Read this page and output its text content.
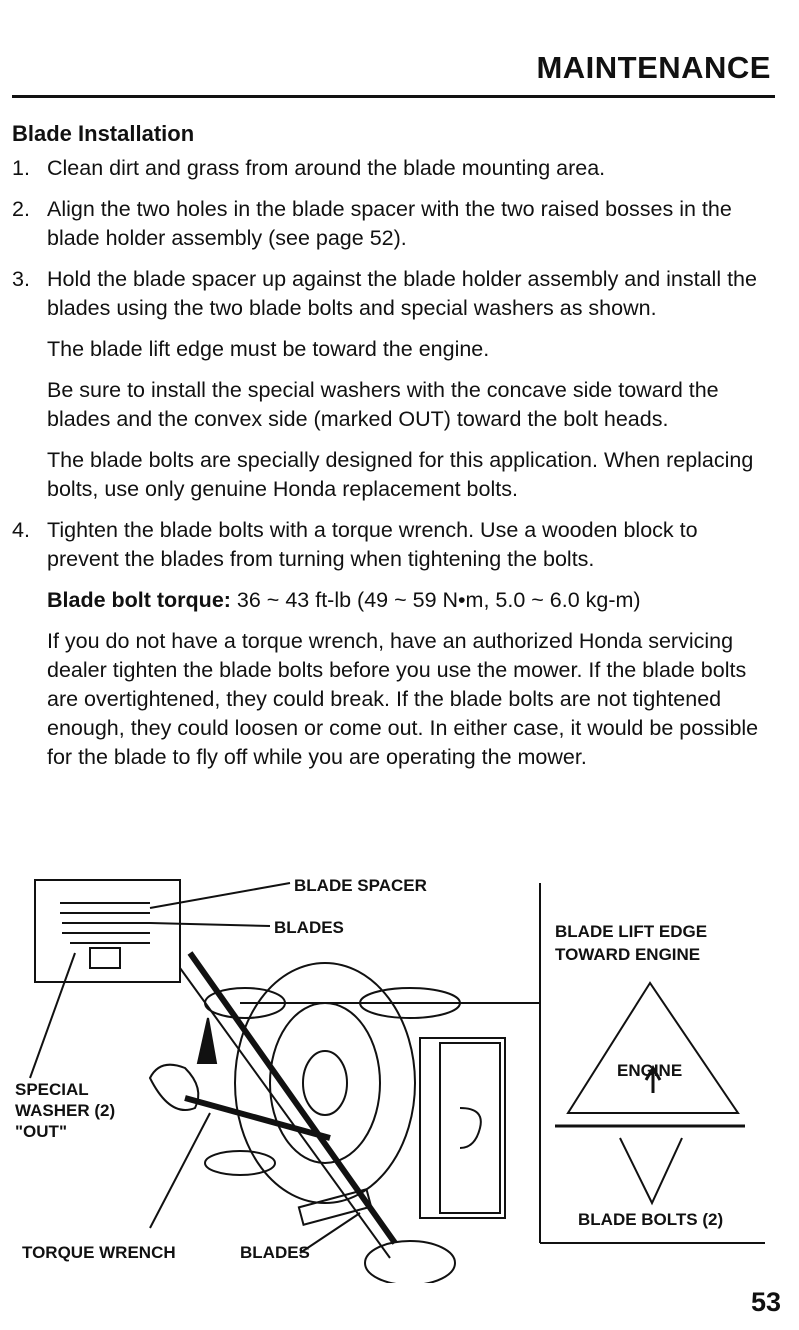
MAINTENANCE
Blade Installation
1. Clean dirt and grass from around the blade mounting area.
2. Align the two holes in the blade spacer with the two raised bosses in the blade holder assembly (see page 52).
3. Hold the blade spacer up against the blade holder assembly and install the blades using the two blade bolts and special washers as shown.
The blade lift edge must be toward the engine.
Be sure to install the special washers with the concave side toward the blades and the convex side (marked OUT) toward the bolt heads.
The blade bolts are specially designed for this application. When replacing bolts, use only genuine Honda replacement bolts.
4. Tighten the blade bolts with a torque wrench. Use a wooden block to prevent the blades from turning when tightening the bolts.
Blade bolt torque: 36 ~ 43 ft-lb (49 ~ 59 N•m, 5.0 ~ 6.0 kg-m)
If you do not have a torque wrench, have an authorized Honda servicing dealer tighten the blade bolts before you use the mower. If the blade bolts are overtightened, they could break. If the blade bolts are not tightened enough, they could loosen or come out. In either case, it would be possible for the blade to fly off while you are operating the mower.
BLADE SPACER
BLADES	BLADE LIFT EDGE
TOWARD ENGINE
SPECIAL
WASHER (2)
"OUT"
ENGINE
BLADE BOLTS (2)
TORQUE WRENCH	BLADES
53
